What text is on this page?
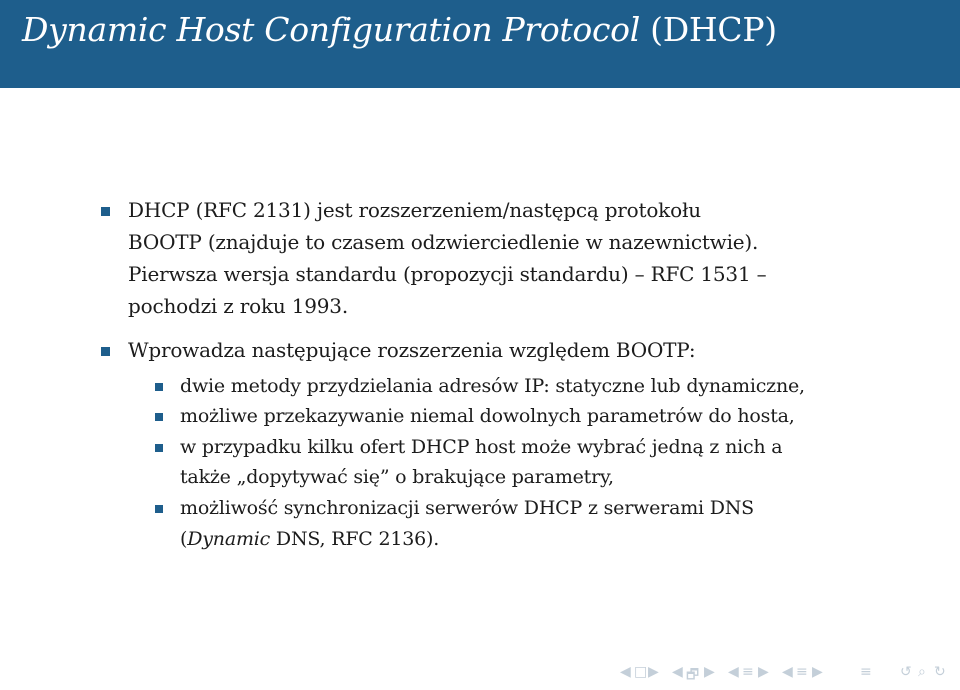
Dynamic Host Configuration Protocol (DHCP)
DHCP (RFC 2131) jest rozszerzeniem/następcą protokołu
BOOTP (znajduje to czasem odzwierciedlenie w nazewnictwie).
Pierwsza wersja standardu (propozycji standardu) – RFC 1531 –
pochodzi z roku 1993.
Wprowadza następujące rozszerzenia względem BOOTP:
dwie metody przydzielania adresów IP: statyczne lub dynamiczne,
możliwe przekazywanie niemal dowolnych parametrów do hosta,
w przypadku kilku ofert DHCP host może wybrać jedną z nich a
także „dopytywać się” o brakujące parametry,
możliwość synchronizacji serwerów DHCP z serwerami DNS
(Dynamic DNS, RFC 2136).
◀ □ ▶ ◀ 🗗 ▶ ◀ ≡ ▶ ◀ ≡ ▶	≡ ↺ ⌕ ↻
